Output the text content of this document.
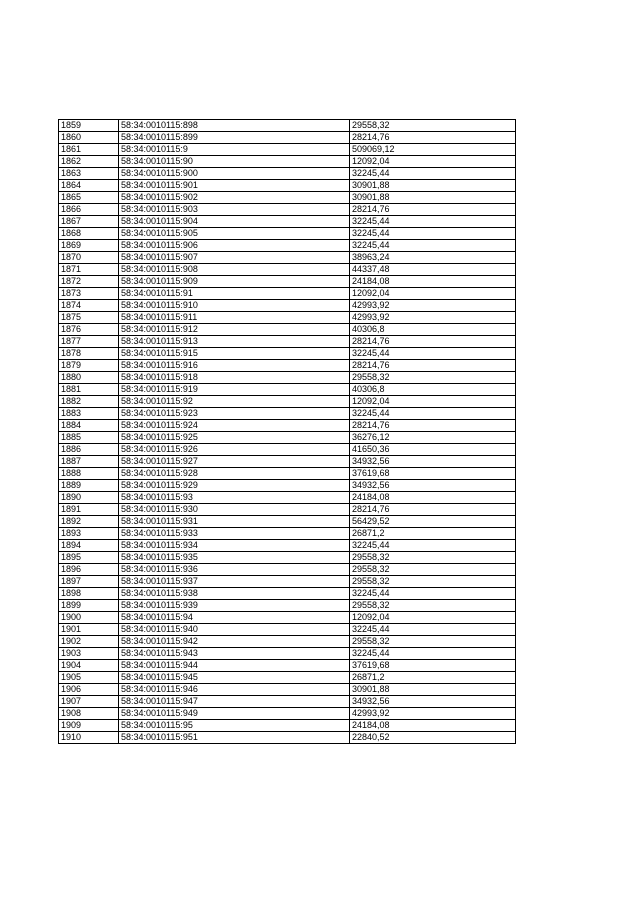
1859	58:34:0010115:898	29558,32
1860	58:34:0010115:899	28214,76
1861	58:34:0010115:9	509069,12
1862	58:34:0010115:90	12092,04
1863	58:34:0010115:900	32245,44
1864	58:34:0010115:901	30901,88
1865	58:34:0010115:902	30901,88
1866	58:34:0010115:903	28214,76
1867	58:34:0010115:904	32245,44
1868	58:34:0010115:905	32245,44
1869	58:34:0010115:906	32245,44
1870	58:34:0010115:907	38963,24
1871	58:34:0010115:908	44337,48
1872	58:34:0010115:909	24184,08
1873	58:34:0010115:91	12092,04
1874	58:34:0010115:910	42993,92
1875	58:34:0010115:911	42993,92
1876	58:34:0010115:912	40306,8
1877	58:34:0010115:913	28214,76
1878	58:34:0010115:915	32245,44
1879	58:34:0010115:916	28214,76
1880	58:34:0010115:918	29558,32
1881	58:34:0010115:919	40306,8
1882	58:34:0010115:92	12092,04
1883	58:34:0010115:923	32245,44
1884	58:34:0010115:924	28214,76
1885	58:34:0010115:925	36276,12
1886	58:34:0010115:926	41650,36
1887	58:34:0010115:927	34932,56
1888	58:34:0010115:928	37619,68
1889	58:34:0010115:929	34932,56
1890	58:34:0010115:93	24184,08
1891	58:34:0010115:930	28214,76
1892	58:34:0010115:931	56429,52
1893	58:34:0010115:933	26871,2
1894	58:34:0010115:934	32245,44
1895	58:34:0010115:935	29558,32
1896	58:34:0010115:936	29558,32
1897	58:34:0010115:937	29558,32
1898	58:34:0010115:938	32245,44
1899	58:34:0010115:939	29558,32
1900	58:34:0010115:94	12092,04
1901	58:34:0010115:940	32245,44
1902	58:34:0010115:942	29558,32
1903	58:34:0010115:943	32245,44
1904	58:34:0010115:944	37619,68
1905	58:34:0010115:945	26871,2
1906	58:34:0010115:946	30901,88
1907	58:34:0010115:947	34932,56
1908	58:34:0010115:949	42993,92
1909	58:34:0010115:95	24184,08
1910	58:34:0010115:951	22840,52
